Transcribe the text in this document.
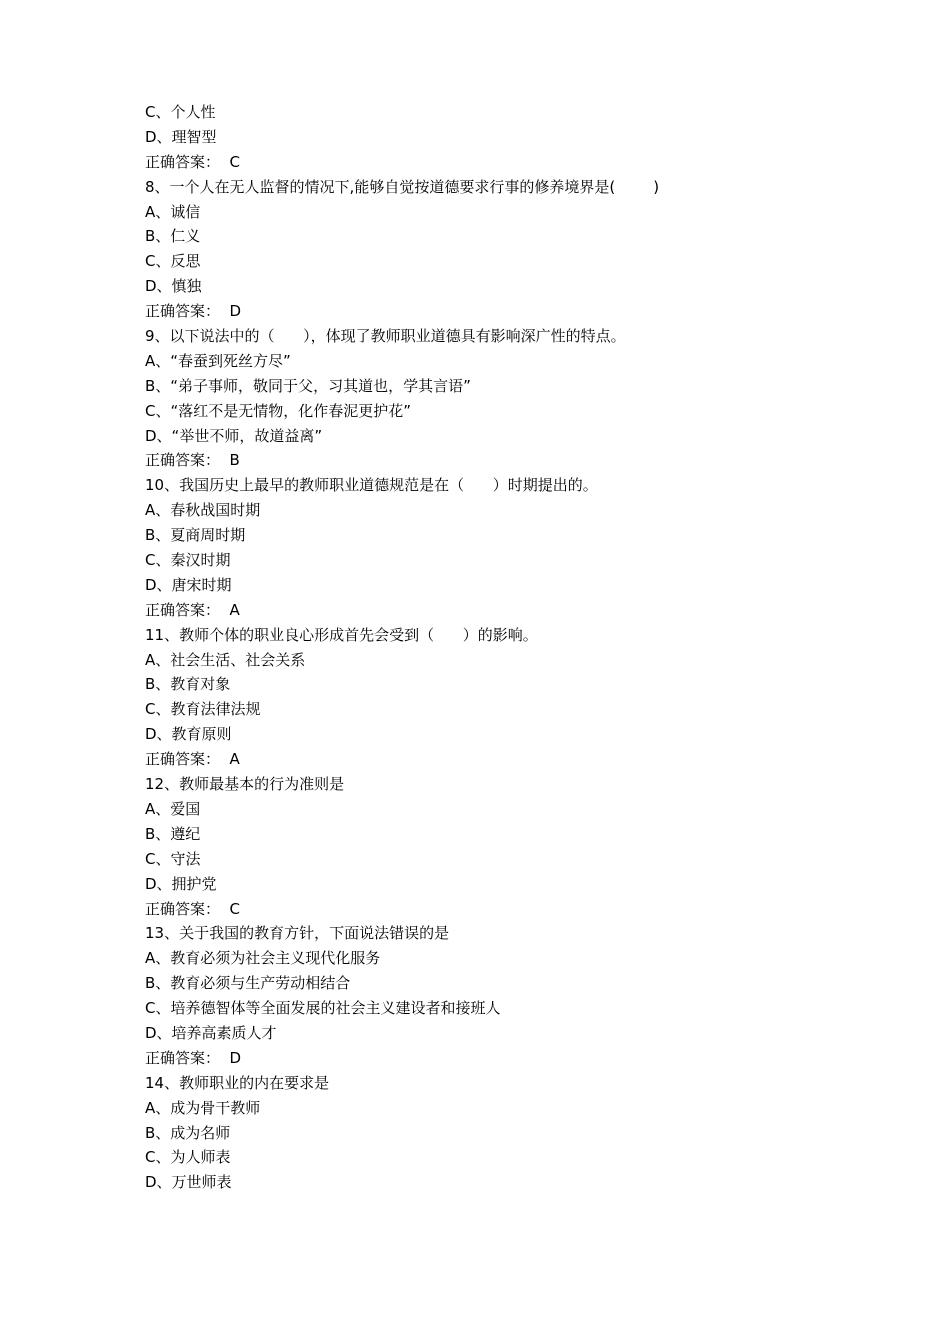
C、个人性
D、理智型
正确答案：  C
8、一个人在无人监督的情况下,能够自觉按道德要求行事的修养境界是(        )
A、诚信
B、仁义
C、反思
D、慎独
正确答案：  D
9、以下说法中的（      ），体现了教师职业道德具有影响深广性的特点。
A、“春蚕到死丝方尽”
B、“弟子事师，敬同于父，习其道也，学其言语”
C、“落红不是无情物，化作春泥更护花”
D、“举世不师，故道益离”
正确答案：  B
10、我国历史上最早的教师职业道德规范是在（      ）时期提出的。
A、春秋战国时期
B、夏商周时期
C、秦汉时期
D、唐宋时期
正确答案：  A
11、教师个体的职业良心形成首先会受到（      ）的影响。
A、社会生活、社会关系
B、教育对象
C、教育法律法规
D、教育原则
正确答案：  A
12、教师最基本的行为准则是
A、爱国
B、遵纪
C、守法
D、拥护党
正确答案：  C
13、关于我国的教育方针，下面说法错误的是
A、教育必须为社会主义现代化服务
B、教育必须与生产劳动相结合
C、培养德智体等全面发展的社会主义建设者和接班人
D、培养高素质人才
正确答案：  D
14、教师职业的内在要求是
A、成为骨干教师
B、成为名师
C、为人师表
D、万世师表
